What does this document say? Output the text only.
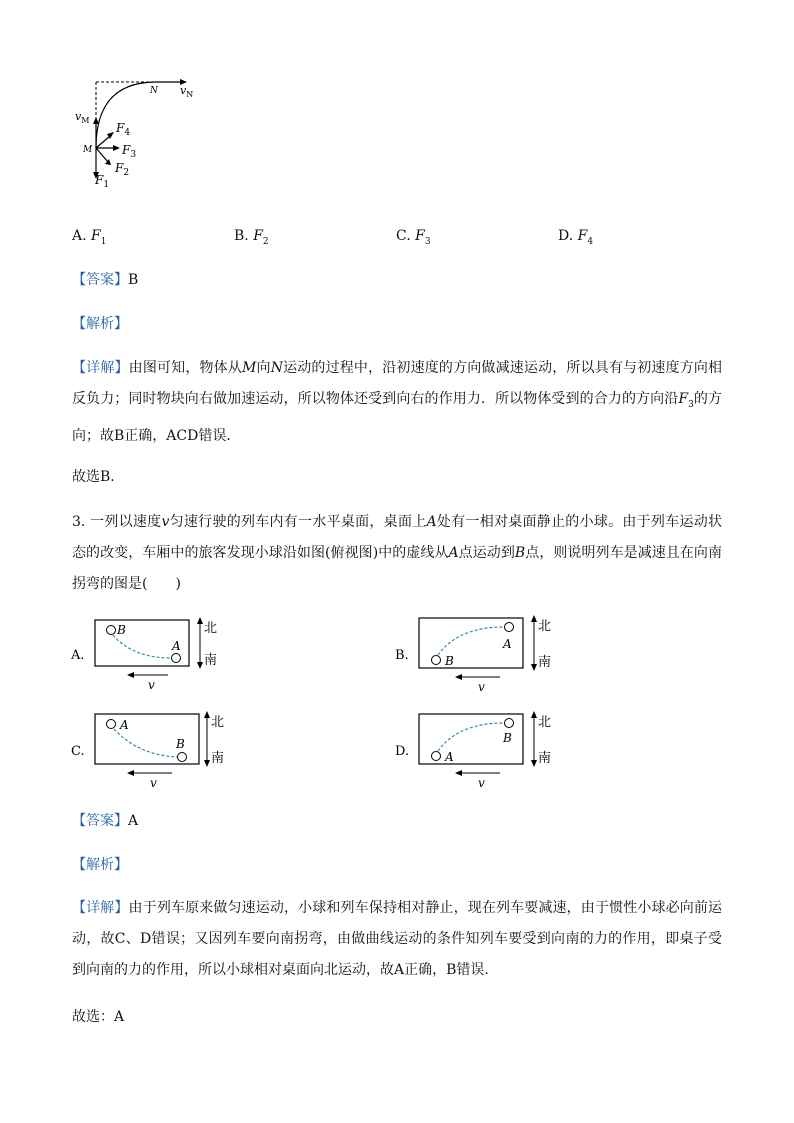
$v_M$
N $v_N$
M
$F_4$
$F_3$
$F_2$
$F_1$
A. $F_1$	B. $F_2$	C. $F_3$	D. $F_4$
【答案】B
【解析】
【详解】由图可知，物体从M向N运动的过程中，沿初速度的方向做减速运动，所以具有与初速度方向相反负力；同时物块向右做加速运动，所以物体还受到向右的作用力．所以物体受到的合力的方向沿$F_3$的方向；故B正确，ACD错误．
故选B．
3. 一列以速度v匀速行驶的列车内有一水平桌面，桌面上A处有一相对桌面静止的小球。由于列车运动状态的改变，车厢中的旅客发现小球沿如图(俯视图)中的虚线从A点运动到B点，则说明列车是减速且在向南拐弯的图是(　　)
A.
B
A
北
南
v
B.
A
B
北
南
v
C.
A
B
北
南
v
D.
B
A
北
南
v
【答案】A
【解析】
【详解】由于列车原来做匀速运动，小球和列车保持相对静止，现在列车要减速，由于惯性小球必向前运动，故C、D错误；又因列车要向南拐弯，由做曲线运动的条件知列车要受到向南的力的作用，即桌子受到向南的力的作用，所以小球相对桌面向北运动，故A正确，B错误.
故选：A
